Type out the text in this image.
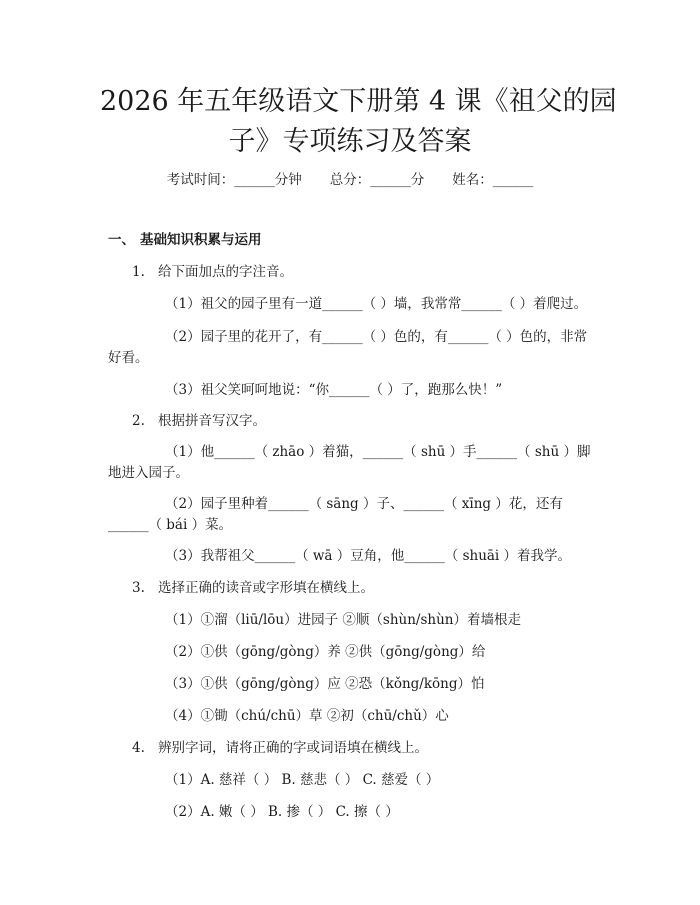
2026 年五年级语文下册第 4 课《祖父的园
子》专项练习及答案
考试时间：______分钟 总分：______分 姓名：______
一、 基础知识积累与运用
1. 给下面加点的字注音。
（1）祖父的园子里有一道______（ ）墙，我常常______（ ）着爬过。
（2）园子里的花开了，有______（ ）色的，有______（ ）色的，非常
好看。
（3）祖父笑呵呵地说：“你______（ ）了，跑那么快！”
2. 根据拼音写汉字。
（1）他______（ zhāo ）着猫，______（ shū ）手______（ shū ）脚
地进入园子。
（2）园子里种着______（ sāng ）子、______（ xīng ）花，还有
______（ bái ）菜。
（3）我帮祖父______（ wā ）豆角，他______（ shuāi ）着我学。
3. 选择正确的读音或字形填在横线上。
（1）①溜（liū/lōu）进园子 ②顺（shùn/shùn）着墙根走
（2）①供（gōng/gòng）养 ②供（gōng/gòng）给
（3）①供（gōng/gòng）应 ②恐（kǒng/kōng）怕
（4）①锄（chú/chū）草 ②初（chū/chǔ）心
4. 辨别字词，请将正确的字或词语填在横线上。
（1）A. 慈祥（ ） B. 慈悲（ ） C. 慈爱（ ）
（2）A. 嫩（ ） B. 掺（ ） C. 擦（ ）
